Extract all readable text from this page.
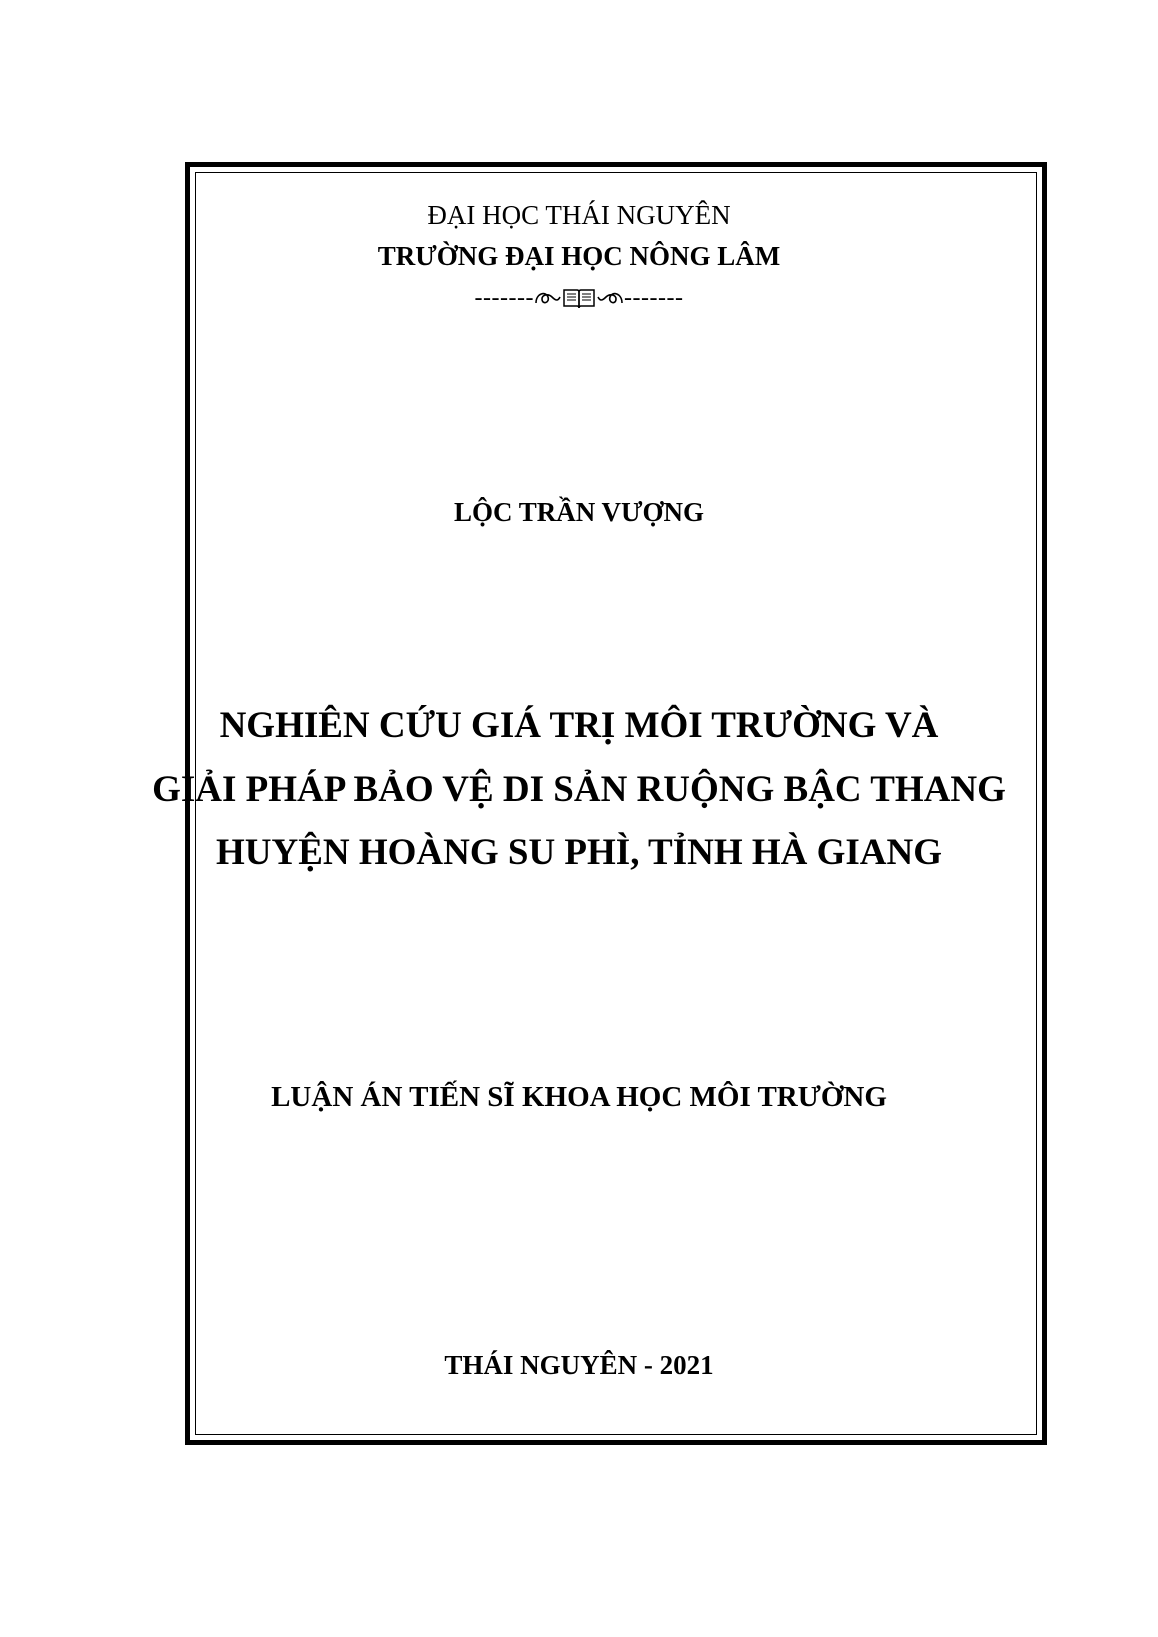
ĐẠI HỌC THÁI NGUYÊN
TRƯỜNG ĐẠI HỌC NÔNG LÂM
-------	-------
LỘC TRẦN VƯỢNG
NGHIÊN CỨU GIÁ TRỊ MÔI TRƯỜNG VÀ
GIẢI PHÁP BẢO VỆ DI SẢN RUỘNG BẬC THANG
HUYỆN HOÀNG SU PHÌ, TỈNH HÀ GIANG
LUẬN ÁN TIẾN SĨ KHOA HỌC MÔI TRƯỜNG
THÁI NGUYÊN - 2021
